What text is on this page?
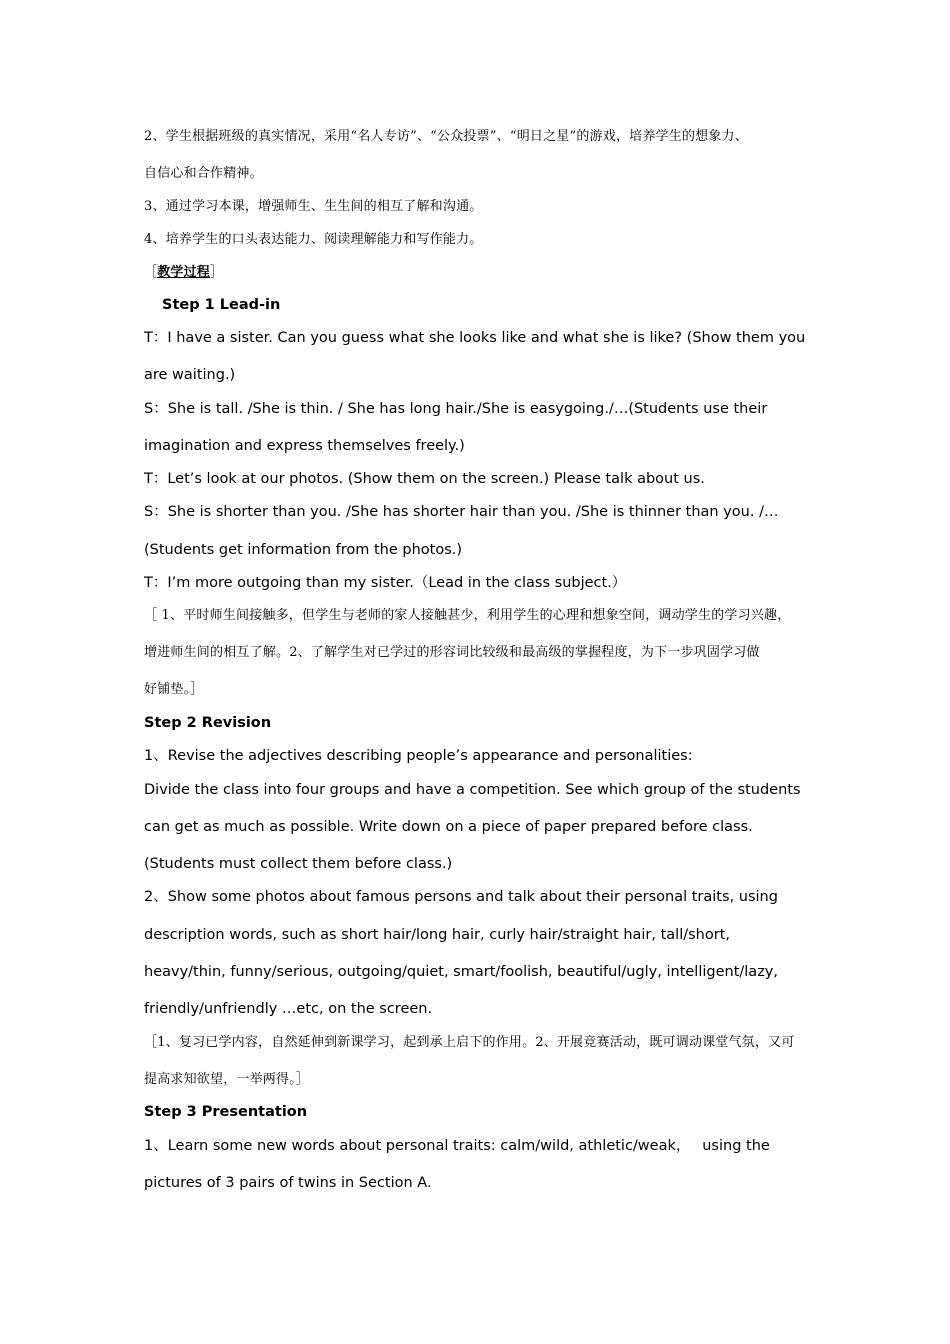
2、学生根据班级的真实情况，采用“名人专访”、“公众投票”、“明日之星”的游戏，培养学生的想象力、
自信心和合作精神。
3、通过学习本课，增强师生、生生间的相互了解和沟通。
4、培养学生的口头表达能力、阅读理解能力和写作能力。
［教学过程］
Step 1 Lead-in
T：I have a sister. Can you guess what she looks like and what she is like? (Show them you
are waiting.)
S：She is tall. /She is thin. / She has long hair./She is easygoing./…(Students use their
imagination and express themselves freely.)
T：Let’s look at our photos. (Show them on the screen.) Please talk about us.
S：She is shorter than you. /She has shorter hair than you. /She is thinner than you. /…
(Students get information from the photos.)
T：I’m more outgoing than my sister.（Lead in the class subject.）
［ 1、平时师生间接触多，但学生与老师的家人接触甚少，利用学生的心理和想象空间，调动学生的学习兴趣，
增进师生间的相互了解。2、了解学生对已学过的形容词比较级和最高级的掌握程度，为下一步巩固学习做
好铺垫。］
Step 2 Revision
1、Revise the adjectives describing people’s appearance and personalities:
Divide the class into four groups and have a competition. See which group of the students
can get as much as possible. Write down on a piece of paper prepared before class.
(Students must collect them before class.)
2、Show some photos about famous persons and talk about their personal traits, using
description words, such as short hair/long hair, curly hair/straight hair, tall/short,
heavy/thin, funny/serious, outgoing/quiet, smart/foolish, beautiful/ugly, intelligent/lazy,
friendly/unfriendly …etc, on the screen.
［1、复习已学内容，自然延伸到新课学习，起到承上启下的作用。2、开展竞赛活动，既可调动课堂气氛，又可
提高求知欲望，一举两得。］
Step 3 Presentation
1、Learn some new words about personal traits: calm/wild, athletic/weak，　 using the
pictures of 3 pairs of twins in Section A.
